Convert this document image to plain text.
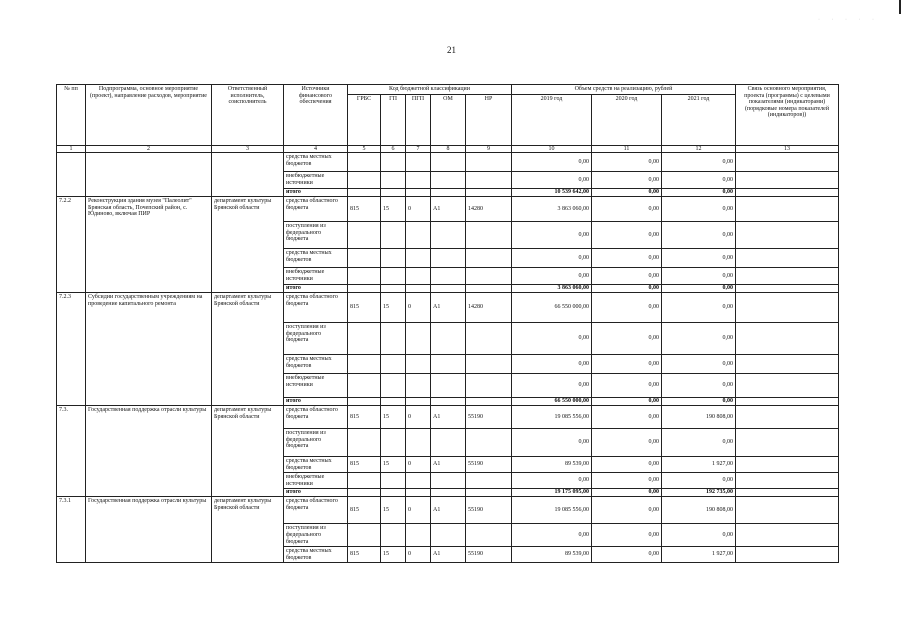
21
· · · · ·
№ пп	Подпрограмма, основное мероприятие (проект), направление расходов, мероприятие	Ответственный исполнитель, соисполнитель	Источники финансового обеспечения	Код бюджетной классификации					Объем средств на реализацию, рублей			Связь основного мероприятия, проекта (программы) с целевыми показателями (индикаторами) (порядковые номера показателей (индикаторов))
				ГРБС	ГП	ПГП	ОМ	НР	2019 год	2020 год	2021 год	
1	2	3	4	5	6	7	8	9	10	11	12	13
			средства местных бюджетов						0,00	0,00	0,00	
			внебюджетные источники						0,00	0,00	0,00	
			итого						10 539 642,00	0,00	0,00	
7.2.2	Реконструкция здания музея "Палеолит" Брянская область, Почепский район, с. Юдиново, включая ПИР	департамент культуры Брянской области	средства областного бюджета	815	15	0	А1	14280	3 863 060,00	0,00	0,00	
			поступления из федерального бюджета						0,00	0,00	0,00	
			средства местных бюджетов						0,00	0,00	0,00	
			внебюджетные источники						0,00	0,00	0,00	
			итого						3 863 060,00	0,00	0,00	
7.2.3	Субсидии государственным учреждениям на проведение капитального ремонта	департамент культуры Брянской области	средства областного бюджета	815	15	0	А1	14280	66 550 000,00	0,00	0,00	
			поступления из федерального бюджета						0,00	0,00	0,00	
			средства местных бюджетов						0,00	0,00	0,00	
			внебюджетные источники						0,00	0,00	0,00	
			итого						66 550 000,00	0,00	0,00	
7.3.	Государственная поддержка отрасли культуры	департамент культуры Брянской области	средства областного бюджета	815	15	0	А1	55190	19 085 556,00	0,00	190 808,00	
			поступления из федерального бюджета						0,00	0,00	0,00	
			средства местных бюджетов	815	15	0	А1	55190	89 539,00	0,00	1 927,00	
			внебюджетные источники						0,00	0,00	0,00	
			итого						19 175 095,00	0,00	192 735,00	
7.3.1	Государственная поддержка отрасли культуры	департамент культуры Брянской области	средства областного бюджета	815	15	0	А1	55190	19 085 556,00	0,00	190 808,00	
			поступления из федерального бюджета						0,00	0,00	0,00	
			средства местных бюджетов	815	15	0	А1	55190	89 539,00	0,00	1 927,00	
